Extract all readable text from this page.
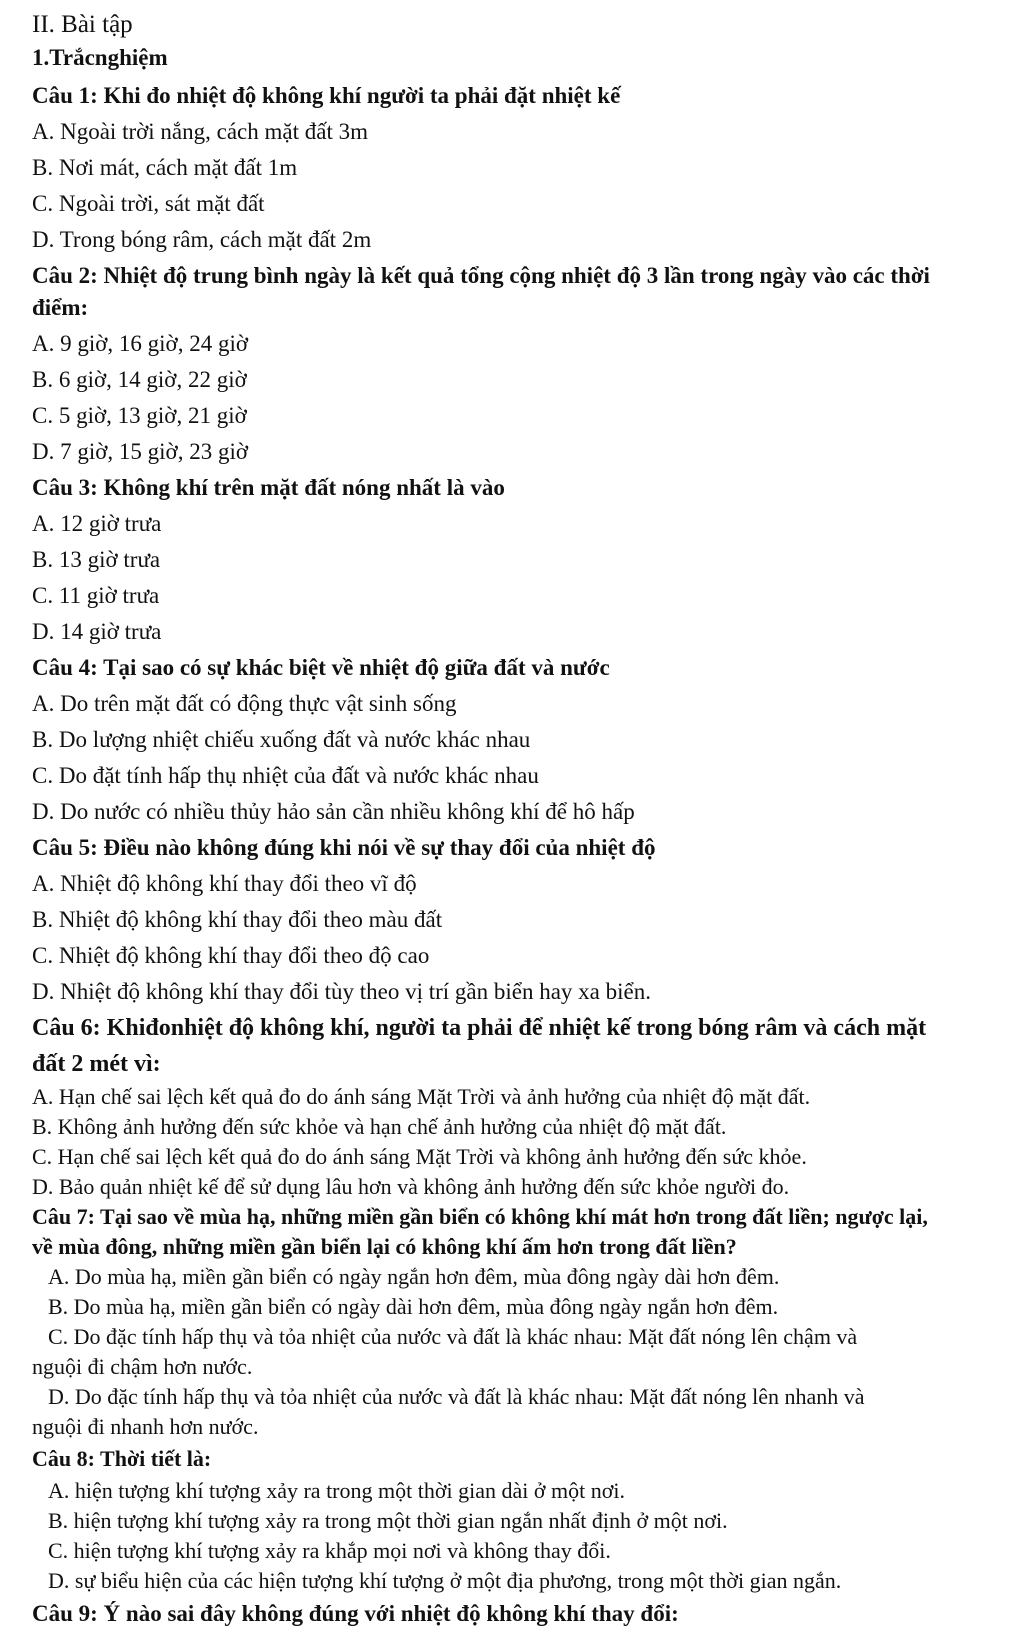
II. Bài tập
1.Trắcnghiệm
Câu 1: Khi đo nhiệt độ không khí người ta phải đặt nhiệt kế
A. Ngoài trời nắng, cách mặt đất 3m
B. Nơi mát, cách mặt đất 1m
C. Ngoài trời, sát mặt đất
D. Trong bóng râm, cách mặt đất 2m
Câu 2: Nhiệt độ trung bình ngày là kết quả tổng cộng nhiệt độ 3 lần trong ngày vào các thời
điểm:
A. 9 giờ, 16 giờ, 24 giờ
B. 6 giờ, 14 giờ, 22 giờ
C. 5 giờ, 13 giờ, 21 giờ
D. 7 giờ, 15 giờ, 23 giờ
Câu 3: Không khí trên mặt đất nóng nhất là vào
A. 12 giờ trưa
B. 13 giờ trưa
C. 11 giờ trưa
D. 14 giờ trưa
Câu 4: Tại sao có sự khác biệt về nhiệt độ giữa đất và nước
A. Do trên mặt đất có động thực vật sinh sống
B. Do lượng nhiệt chiếu xuống đất và nước khác nhau
C. Do đặt tính hấp thụ nhiệt của đất và nước khác nhau
D. Do nước có nhiều thủy hảo sản cần nhiều không khí để hô hấp
Câu 5: Điều nào không đúng khi nói về sự thay đổi của nhiệt độ
A. Nhiệt độ không khí thay đổi theo vĩ độ
B. Nhiệt độ không khí thay đổi theo màu đất
C. Nhiệt độ không khí thay đổi theo độ cao
D. Nhiệt độ không khí thay đổi tùy theo vị trí gần biển hay xa biển.
Câu 6: Khiđonhiệt độ không khí, người ta phải để nhiệt kế trong bóng râm và cách mặt
đất 2 mét vì:
A. Hạn chế sai lệch kết quả đo do ánh sáng Mặt Trời và ảnh hưởng của nhiệt độ mặt đất.
B. Không ảnh hưởng đến sức khỏe và hạn chế ảnh hưởng của nhiệt độ mặt đất.
C. Hạn chế sai lệch kết quả đo do ánh sáng Mặt Trời và không ảnh hưởng đến sức khỏe.
D. Bảo quản nhiệt kế để sử dụng lâu hơn và không ảnh hưởng đến sức khỏe người đo.
Câu 7: Tại sao về mùa hạ, những miền gần biển có không khí mát hơn trong đất liền; ngược lại,
về mùa đông, những miền gần biển lại có không khí ấm hơn trong đất liền?
A. Do mùa hạ, miền gần biển có ngày ngắn hơn đêm, mùa đông ngày dài hơn đêm.
B. Do mùa hạ, miền gần biển có ngày dài hơn đêm, mùa đông ngày ngắn hơn đêm.
C. Do đặc tính hấp thụ và tỏa nhiệt của nước và đất là khác nhau: Mặt đất nóng lên chậm và
nguội đi chậm hơn nước.
D. Do đặc tính hấp thụ và tỏa nhiệt của nước và đất là khác nhau: Mặt đất nóng lên nhanh và
nguội đi nhanh hơn nước.
Câu 8: Thời tiết là:
A. hiện tượng khí tượng xảy ra trong một thời gian dài ở một nơi.
B. hiện tượng khí tượng xảy ra trong một thời gian ngắn nhất định ở một nơi.
C. hiện tượng khí tượng xảy ra khắp mọi nơi và không thay đổi.
D. sự biểu hiện của các hiện tượng khí tượng ở một địa phương, trong một thời gian ngắn.
Câu 9: Ý nào sai đây không đúng với nhiệt độ không khí thay đổi:
